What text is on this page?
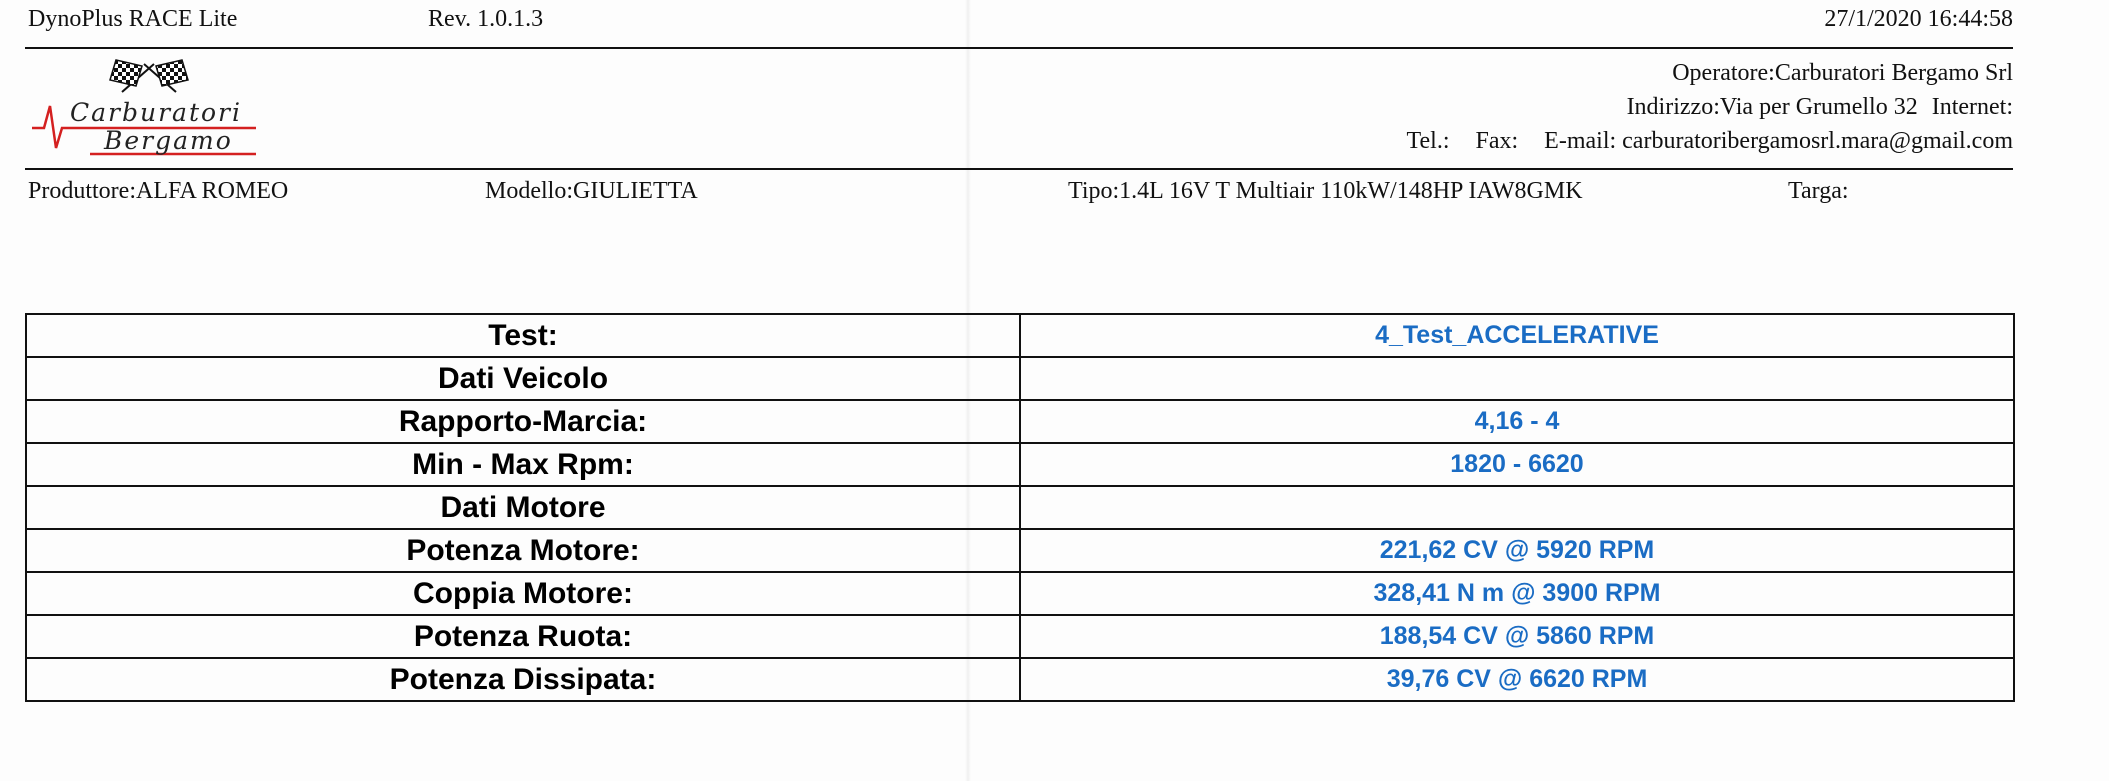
DynoPlus RACE Lite	Rev. 1.0.1.3	27/1/2020 16:44:58
Carburatori
Bergamo
Operatore:Carburatori Bergamo Srl
Indirizzo:Via per Grumello 32 Internet:
Tel.: Fax: E-mail: carburatoribergamosrl.mara@gmail.com
Produttore:ALFA ROMEO	Modello:GIULIETTA	Tipo:1.4L 16V T Multiair 110kW/148HP IAW8GMK	Targa:
Test:	4_Test_ACCELERATIVE
Dati Veicolo	
Rapporto-Marcia:	4,16 - 4
Min - Max Rpm:	1820 - 6620
Dati Motore	
Potenza Motore:	221,62 CV @ 5920 RPM
Coppia Motore:	328,41 N m @ 3900 RPM
Potenza Ruota:	188,54 CV @ 5860 RPM
Potenza Dissipata:	39,76 CV @ 6620 RPM
